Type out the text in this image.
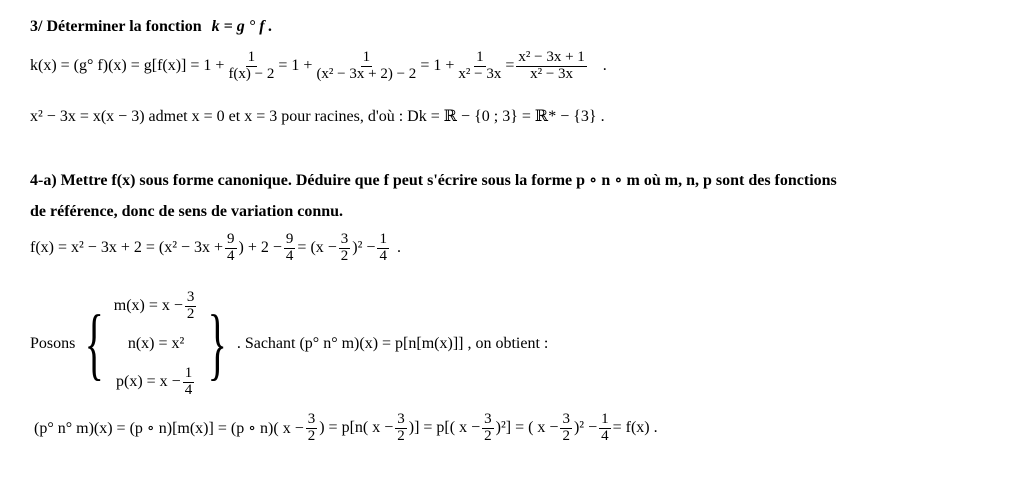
3/ Déterminer la fonction k = g ° f .
k(x) = (g° $f)(x) = g[f(x)] = 1 + \frac{1}{f(x) - 2} = 1 + \frac{1}{\text{(x² − 3x + 2) − 2}} = 1 + \frac{1}{\text{x² − 3x}} = \frac{\text{x² − 3x + 1}}{\text{x² − 3x}}$ .
x² − 3x = x(x − 3) admet x = 0 et x = 3 pour racines, d'où : Dk = ℝ − {0 ; 3} = ℝ* − {3} .
4-a) Mettre f(x) sous forme canonique. Déduire que f peut s'écrire sous la forme p ∘ n ∘ m où m, n, p sont des fonctions
de référence, donc de sens de variation connu.
$f(x) = x^2 - 3x + 2 = (x^2 - 3x + \frac{9}{4}$ ) + $2 - \frac{9}{4} = (x - \frac{3}{2} )^2 - \frac{1}{4}$ .
Posons { $m(x) = x - \frac{3}{2}$
n(x) = x²
$p(x) = x - \frac{1}{4}$ } . Sachant (p° n° m)(x) = p[n[m(x)]] , on obtient :
(p° n° m)(x) = (p ∘ n)[m(x)] = (p ∘ n)( $x - \frac{3}{2}$ ) = p[n( $x - \frac{3}{2}$ )] = p[( $x - \frac{3}{2} )^2$] = ( $x - \frac{3}{2} )^2 - \frac{1}{4} = f(x)$ .
